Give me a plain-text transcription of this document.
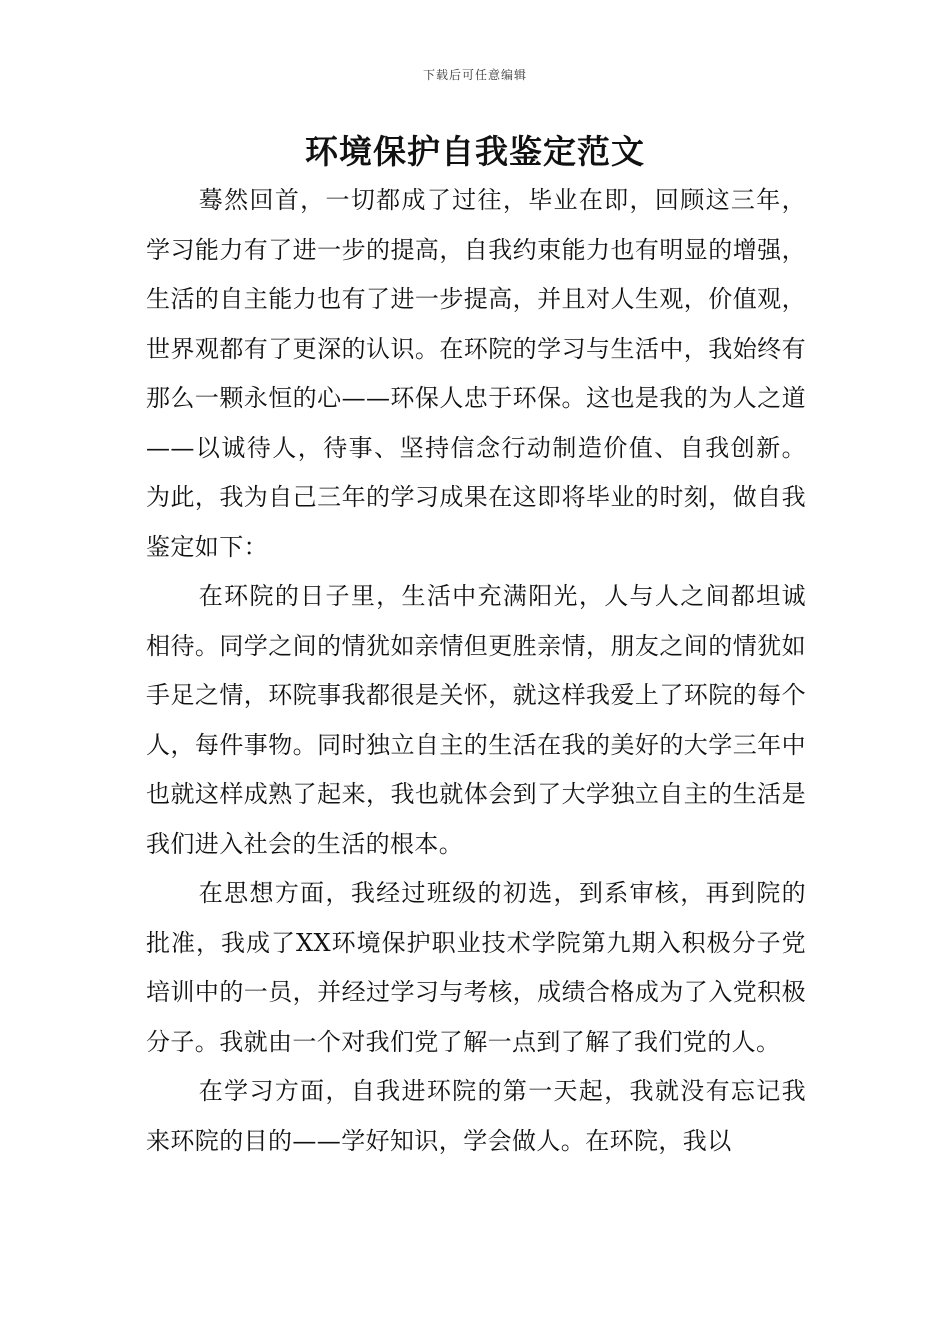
下载后可任意编辑
环境保护自我鉴定范文

蓦然回首，一切都成了过往，毕业在即，回顾这三年，学习能力有了进一步的提高，自我约束能力也有明显的增强，生活的自主能力也有了进一步提高，并且对人生观，价值观，世界观都有了更深的认识。在环院的学习与生活中，我始终有那么一颗永恒的心——环保人忠于环保。这也是我的为人之道——以诚待人，待事、坚持信念行动制造价值、自我创新。 为此，我为自己三年的学习成果在这即将毕业的时刻，做自我鉴定如下：

在环院的日子里，生活中充满阳光，人与人之间都坦诚相待。同学之间的情犹如亲情但更胜亲情，朋友之间的情犹如手足之情，环院事我都很是关怀，就这样我爱上了环院的每个人，每件事物。同时独立自主的生活在我的美好的大学三年中也就这样成熟了起来，我也就体会到了大学独立自主的生活是我们进入社会的生活的根本。

在思想方面，我经过班级的初选，到系审核，再到院的批准，我成了XX环境保护职业技术学院第九期入积极分子党培训中的一员，并经过学习与考核，成绩合格成为了入党积极分子。我就由一个对我们党了解一点到了解了我们党的人。

在学习方面，自我进环院的第一天起，我就没有忘记我来环院的目的——学好知识，学会做人。在环院，我以
